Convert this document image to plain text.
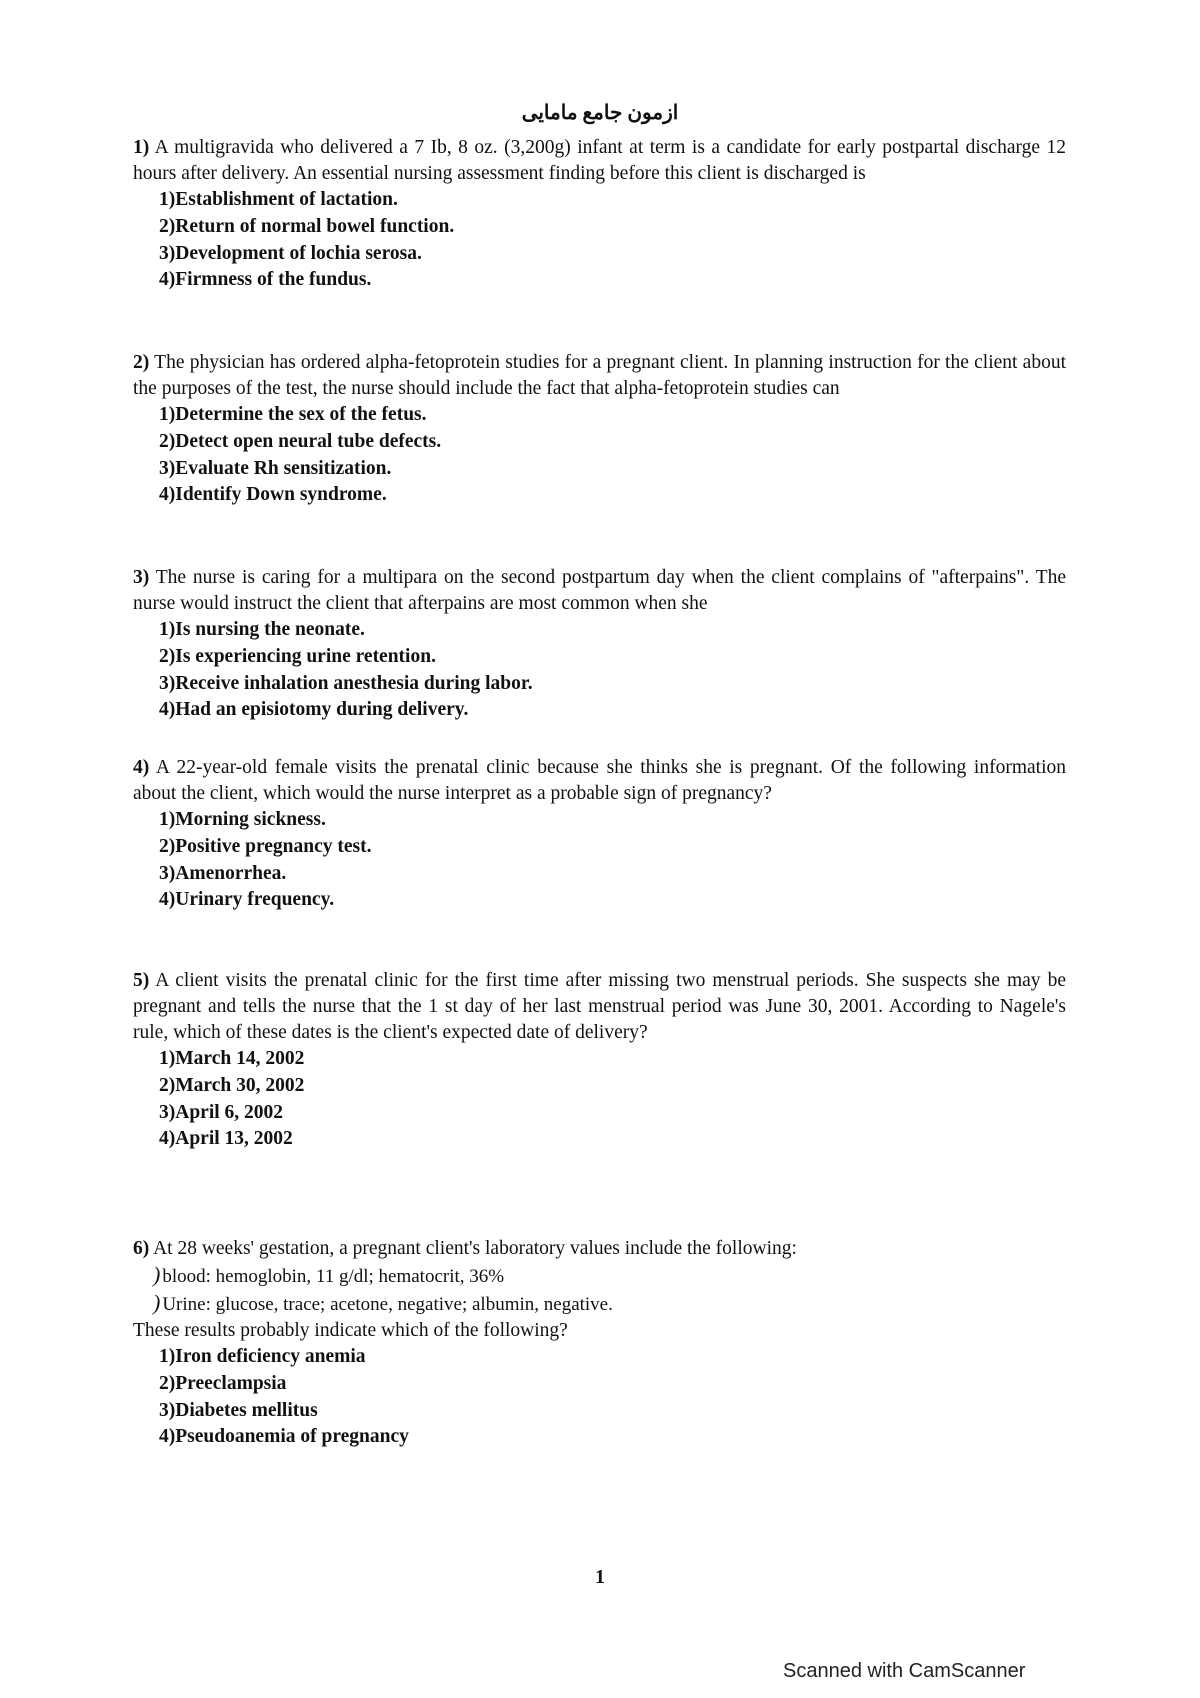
ازمون جامع مامایی

1) A multigravida who delivered a 7 Ib, 8 oz. (3,200g) infant at term is a candidate for early postpartal discharge 12 hours after delivery. An essential nursing assessment finding before this client is discharged is

1)Establishment of lactation.
2)Return of normal bowel function.
3)Development of lochia serosa.
4)Firmness of the fundus.

2) The physician has ordered alpha-fetoprotein studies for a pregnant client. In planning instruction for the client about the purposes of the test, the nurse should include the fact that alpha-fetoprotein studies can

1)Determine the sex of the fetus.
2)Detect open neural tube defects.
3)Evaluate Rh sensitization.
4)Identify Down syndrome.

3) The nurse is caring for a multipara on the second postpartum day when the client complains of "afterpains". The nurse would instruct the client that afterpains are most common when she

1)Is nursing the neonate.
2)Is experiencing urine retention.
3)Receive inhalation anesthesia during labor.
4)Had an episiotomy during delivery.

4) A 22-year-old female visits the prenatal clinic because she thinks she is pregnant. Of the following information about the client, which would the nurse interpret as a probable sign of pregnancy?

1)Morning sickness.
2)Positive pregnancy test.
3)Amenorrhea.
4)Urinary frequency.

5) A client visits the prenatal clinic for the first time after missing two menstrual periods. She suspects she may be pregnant and tells the nurse that the 1 st day of her last menstrual period was June 30, 2001. According to Nagele's rule, which of these dates is the client's expected date of delivery?

1)March 14, 2002
2)March 30, 2002
3)April 6, 2002
4)April 13, 2002

6) At 28 weeks' gestation, a pregnant client's laboratory values include the following:

) blood: hemoglobin, 11 g/dl; hematocrit, 36%
) Urine: glucose, trace; acetone, negative; albumin, negative.

These results probably indicate which of the following?

1)Iron deficiency anemia
2)Preeclampsia
3)Diabetes mellitus
4)Pseudoanemia of pregnancy
1
Scanned with CamScanner
